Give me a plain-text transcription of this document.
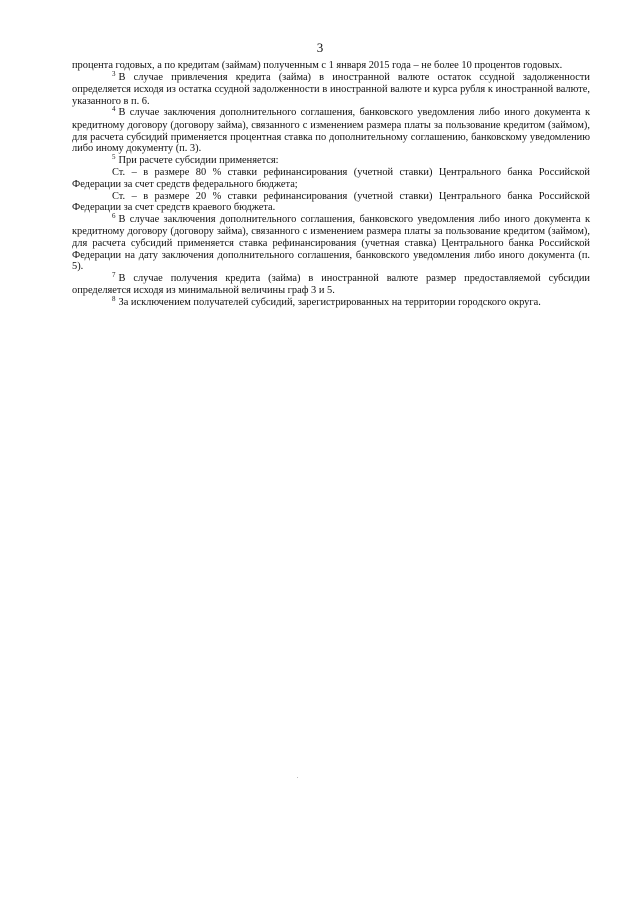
3

процента годовых, а по кредитам (займам) полученным с 1 января 2015 года – не более 10 процентов годовых.

$^3$ В случае привлечения кредита (займа) в иностранной валюте остаток ссудной задолженности определяется исходя из остатка ссудной задолженности в иностранной валюте и курса рубля к иностранной валюте, указанного в п. 6.

$^4$ В случае заключения дополнительного соглашения, банковского уведомления либо иного документа к кредитному договору (договору займа), связанного с изменением размера платы за пользование кредитом (займом), для расчета субсидий применяется процентная ставка по дополнительному соглашению, банковскому уведомлению либо иному документу (п. 3).

$^5$ При расчете субсидии применяется:

Ст. – в размере 80 % ставки рефинансирования (учетной ставки) Центрального банка Российской Федерации за счет средств федерального бюджета;

Ст. – в размере 20 % ставки рефинансирования (учетной ставки) Центрального банка Российской Федерации за счет средств краевого бюджета.

$^6$ В случае заключения дополнительного соглашения, банковского уведомления либо иного документа к кредитному договору (договору займа), связанного с изменением размера платы за пользование кредитом (займом), для расчета субсидий применяется ставка рефинансирования (учетная ставка) Центрального банка Российской Федерации на дату заключения дополнительного соглашения, банковского уведомления либо иного документа (п. 5).

$^7$ В случае получения кредита (займа) в иностранной валюте размер предоставляемой субсидии определяется исходя из минимальной величины граф 3 и 5.

$^8$ За исключением получателей субсидий, зарегистрированных на территории городского округа.
